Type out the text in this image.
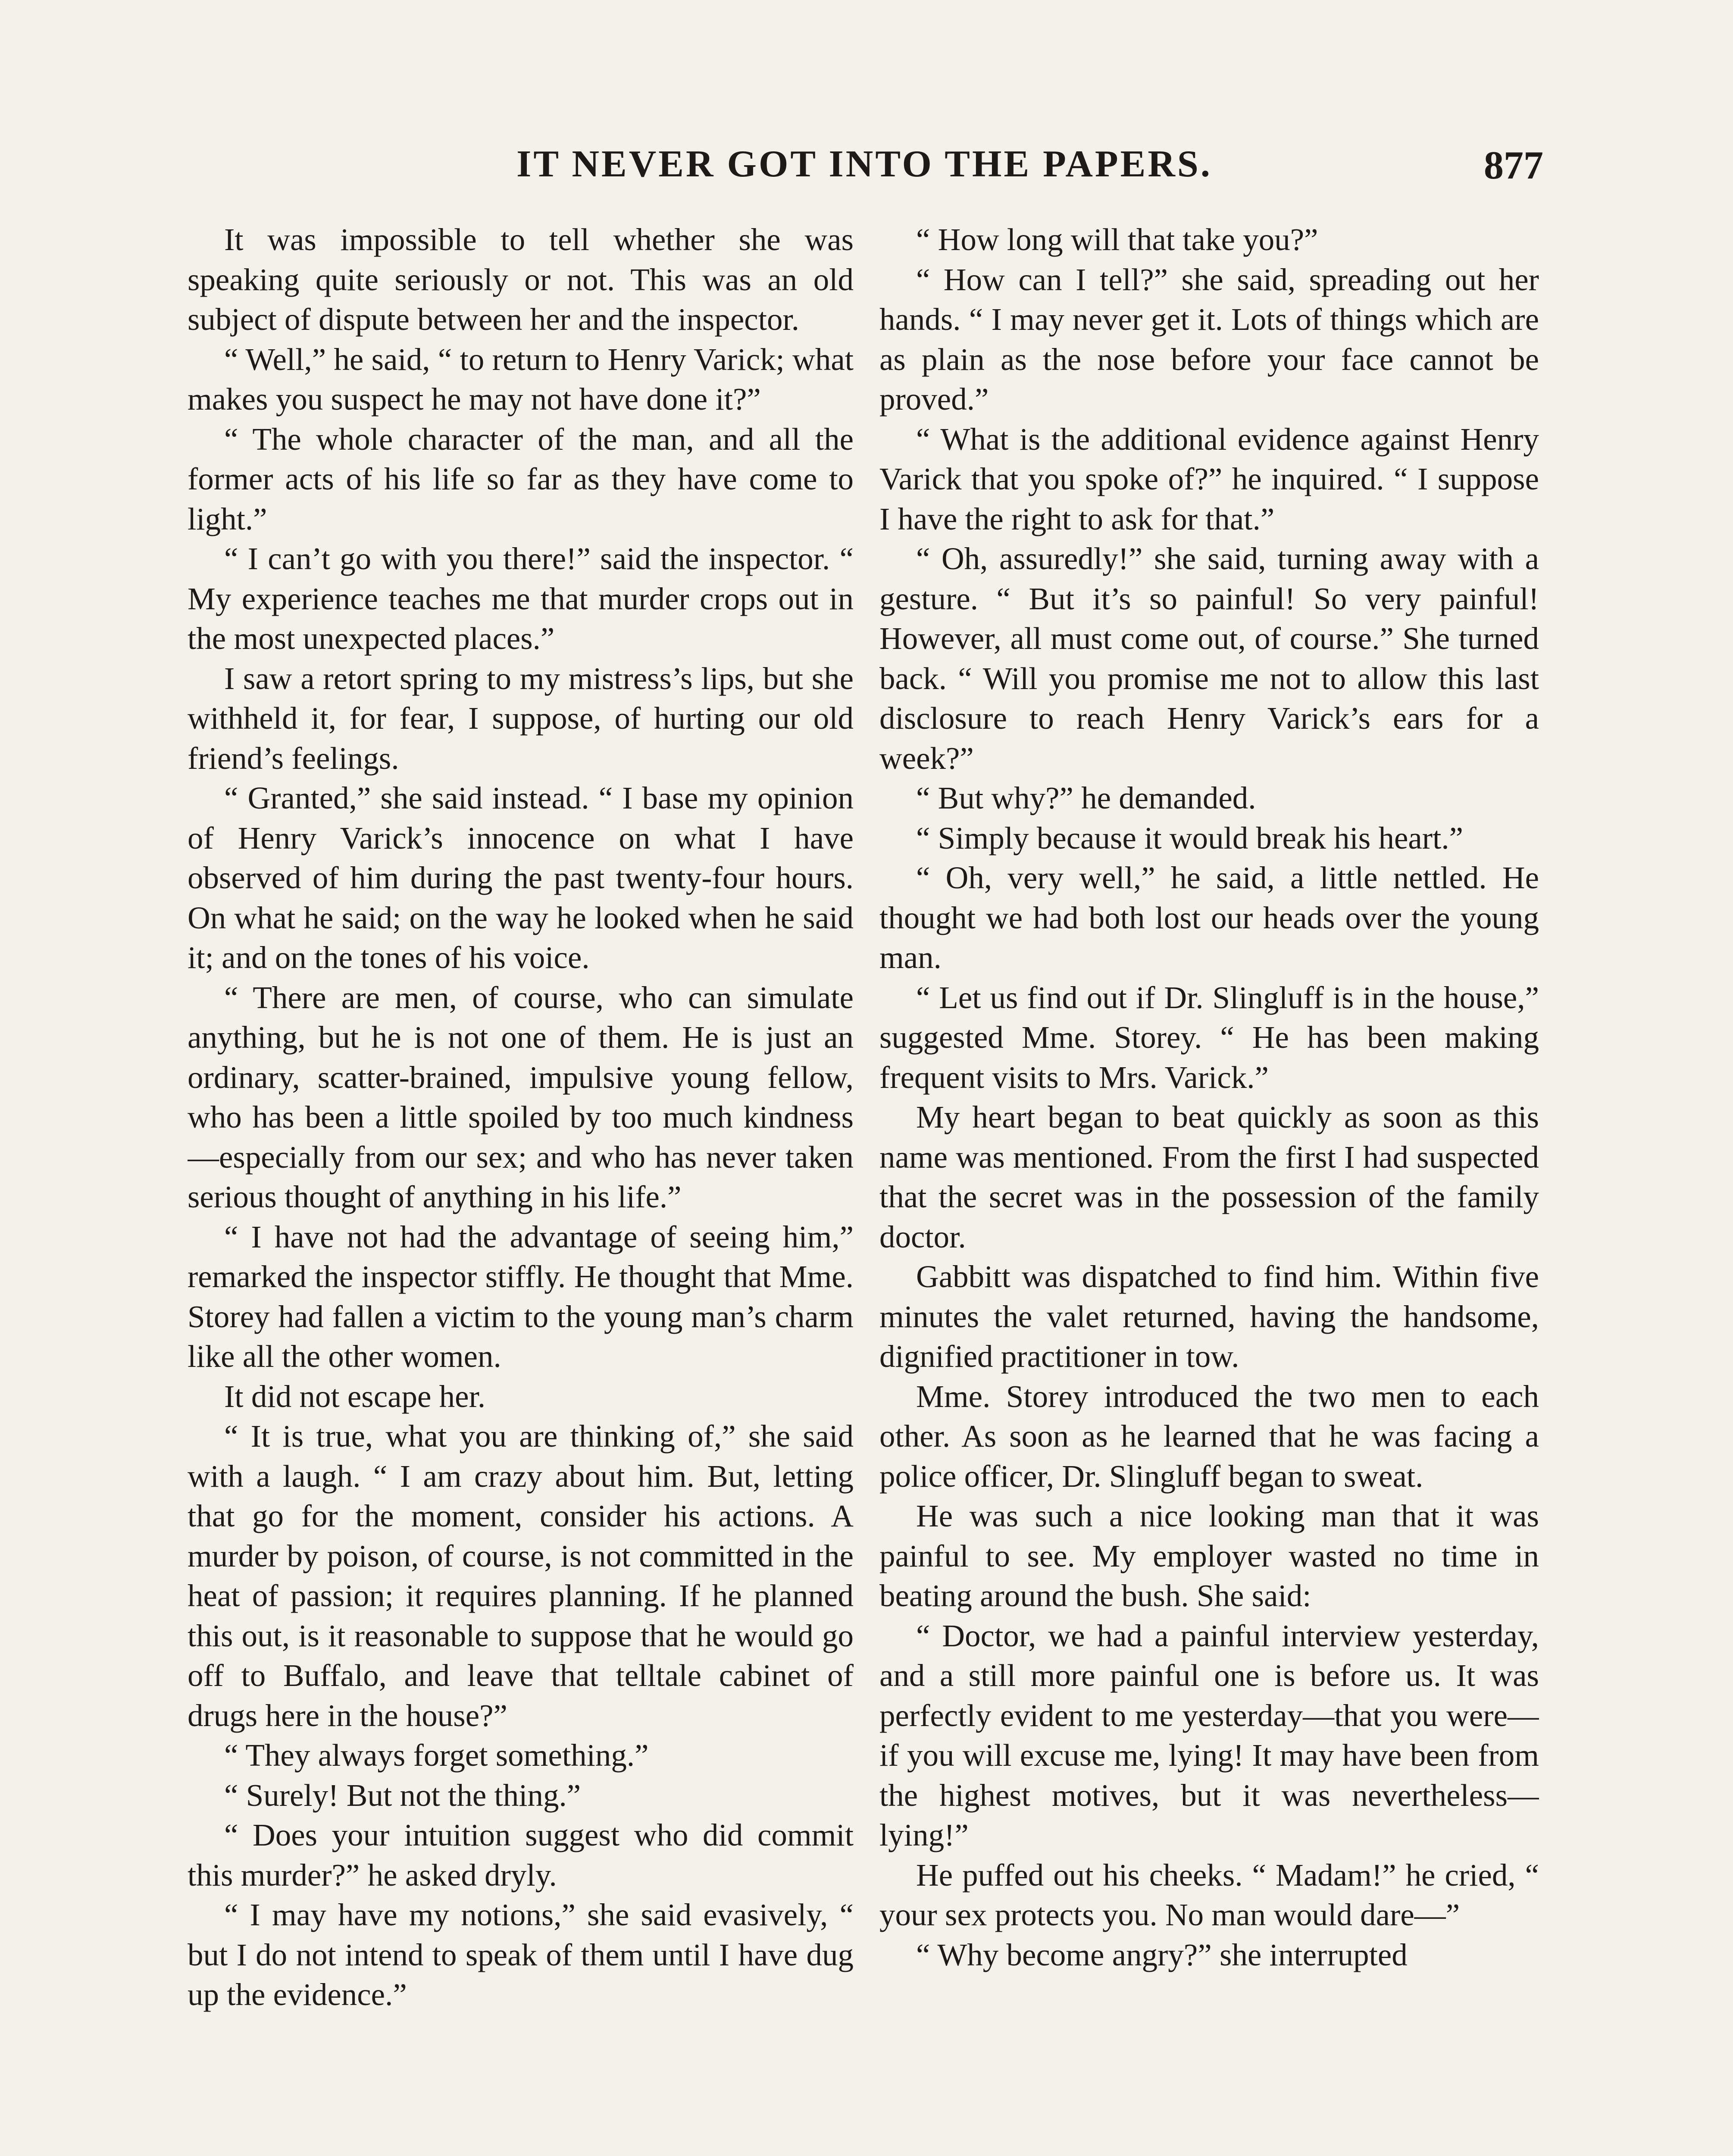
IT NEVER GOT INTO THE PAPERS.	877

It was impossible to tell whether she was speaking quite seriously or not. This was an old subject of dispute between her and the inspector.

“ Well,” he said, “ to return to Henry Varick; what makes you suspect he may not have done it?”

“ The whole character of the man, and all the former acts of his life so far as they have come to light.”

“ I can’t go with you there!” said the inspector. “ My experience teaches me that murder crops out in the most unexpected places.”

I saw a retort spring to my mistress’s lips, but she withheld it, for fear, I suppose, of hurting our old friend’s feelings.

“ Granted,” she said instead. “ I base my opinion of Henry Varick’s innocence on what I have observed of him during the past twenty-four hours. On what he said; on the way he looked when he said it; and on the tones of his voice.

“ There are men, of course, who can simulate anything, but he is not one of them. He is just an ordinary, scatter-brained, impulsive young fellow, who has been a little spoiled by too much kindness—especially from our sex; and who has never taken serious thought of anything in his life.”

“ I have not had the advantage of seeing him,” remarked the inspector stiffly. He thought that Mme. Storey had fallen a victim to the young man’s charm like all the other women.

It did not escape her.

“ It is true, what you are thinking of,” she said with a laugh. “ I am crazy about him. But, letting that go for the moment, consider his actions. A murder by poison, of course, is not committed in the heat of passion; it requires planning. If he planned this out, is it reasonable to suppose that he would go off to Buffalo, and leave that telltale cabinet of drugs here in the house?”

“ They always forget something.”

“ Surely! But not the thing.”

“ Does your intuition suggest who did commit this murder?” he asked dryly.

“ I may have my notions,” she said evasively, “ but I do not intend to speak of them until I have dug up the evidence.”

“ How long will that take you?”

“ How can I tell?” she said, spreading out her hands. “ I may never get it. Lots of things which are as plain as the nose before your face cannot be proved.”

“ What is the additional evidence against Henry Varick that you spoke of?” he inquired. “ I suppose I have the right to ask for that.”

“ Oh, assuredly!” she said, turning away with a gesture. “ But it’s so painful! So very painful! However, all must come out, of course.” She turned back. “ Will you promise me not to allow this last disclosure to reach Henry Varick’s ears for a week?”

“ But why?” he demanded.

“ Simply because it would break his heart.”

“ Oh, very well,” he said, a little nettled. He thought we had both lost our heads over the young man.

“ Let us find out if Dr. Slingluff is in the house,” suggested Mme. Storey. “ He has been making frequent visits to Mrs. Varick.”

My heart began to beat quickly as soon as this name was mentioned. From the first I had suspected that the secret was in the possession of the family doctor.

Gabbitt was dispatched to find him. Within five minutes the valet returned, having the handsome, dignified practitioner in tow.

Mme. Storey introduced the two men to each other. As soon as he learned that he was facing a police officer, Dr. Slingluff began to sweat.

He was such a nice looking man that it was painful to see. My employer wasted no time in beating around the bush. She said:

“ Doctor, we had a painful interview yesterday, and a still more painful one is before us. It was perfectly evident to me yesterday—that you were—if you will excuse me, lying! It may have been from the highest motives, but it was nevertheless—lying!”

He puffed out his cheeks. “ Madam!” he cried, “ your sex protects you. No man would dare—”

“ Why become angry?” she interrupted
